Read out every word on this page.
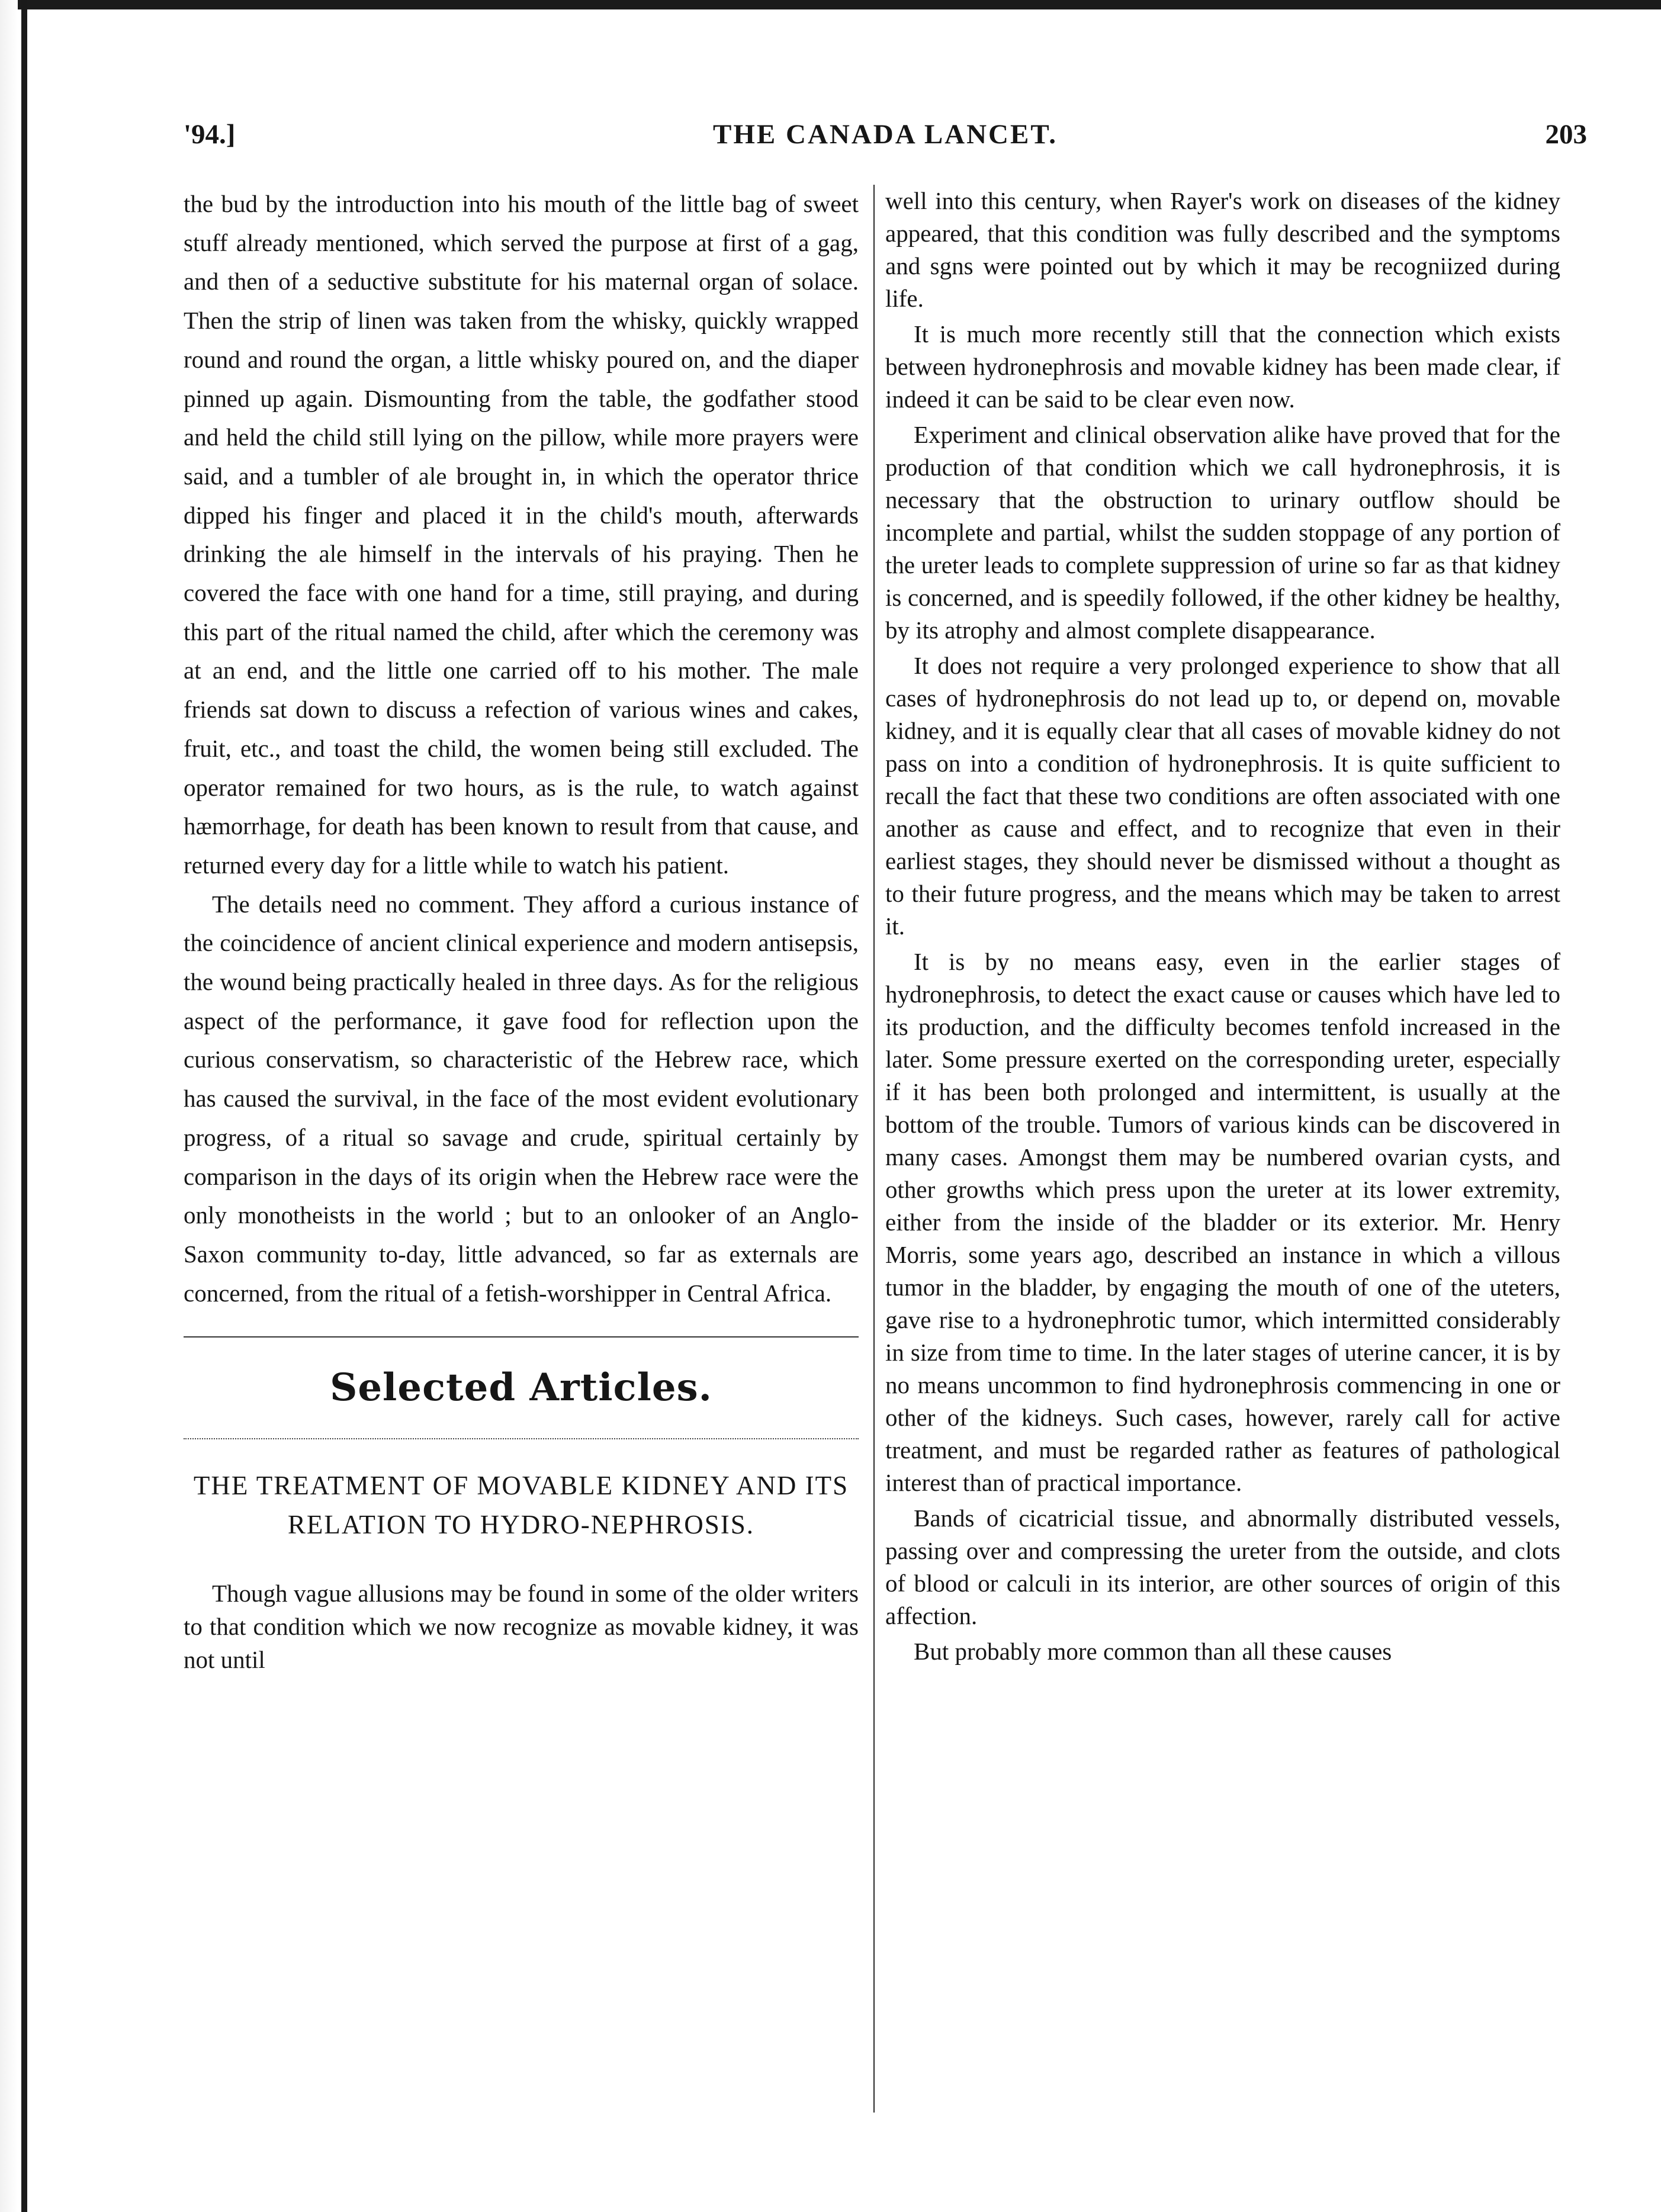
'94.]	THE CANADA LANCET.	203

the bud by the introduction into his mouth of the little bag of sweet stuff already mentioned, which served the purpose at first of a gag, and then of a seductive substitute for his maternal organ of solace. Then the strip of linen was taken from the whisky, quickly wrapped round and round the organ, a little whisky poured on, and the diaper pinned up again. Dismounting from the table, the godfather stood and held the child still lying on the pillow, while more prayers were said, and a tumbler of ale brought in, in which the operator thrice dipped his finger and placed it in the child's mouth, afterwards drinking the ale himself in the intervals of his praying. Then he covered the face with one hand for a time, still praying, and during this part of the ritual named the child, after which the ceremony was at an end, and the little one carried off to his mother. The male friends sat down to discuss a refection of various wines and cakes, fruit, etc., and toast the child, the women being still excluded. The operator remained for two hours, as is the rule, to watch against hæmorrhage, for death has been known to result from that cause, and returned every day for a little while to watch his patient.

The details need no comment. They afford a curious instance of the coincidence of ancient clinical experience and modern antisepsis, the wound being practically healed in three days. As for the religious aspect of the performance, it gave food for reflection upon the curious conservatism, so characteristic of the Hebrew race, which has caused the survival, in the face of the most evident evolutionary progress, of a ritual so savage and crude, spiritual certainly by comparison in the days of its origin when the Hebrew race were the only monotheists in the world ; but to an onlooker of an Anglo-Saxon community to-day, little advanced, so far as externals are concerned, from the ritual of a fetish-worshipper in Central Africa.

Selected Articles.
THE TREATMENT OF MOVABLE KIDNEY AND ITS RELATION TO HYDRO-NEPHROSIS.

Though vague allusions may be found in some of the older writers to that condition which we now recognize as movable kidney, it was not until

well into this century, when Rayer's work on diseases of the kidney appeared, that this condition was fully described and the symptoms and sgns were pointed out by which it may be recogniized during life.

It is much more recently still that the connection which exists between hydronephrosis and movable kidney has been made clear, if indeed it can be said to be clear even now.

Experiment and clinical observation alike have proved that for the production of that condition which we call hydronephrosis, it is necessary that the obstruction to urinary outflow should be incomplete and partial, whilst the sudden stoppage of any portion of the ureter leads to complete suppression of urine so far as that kidney is concerned, and is speedily followed, if the other kidney be healthy, by its atrophy and almost complete disappearance.

It does not require a very prolonged experience to show that all cases of hydronephrosis do not lead up to, or depend on, movable kidney, and it is equally clear that all cases of movable kidney do not pass on into a condition of hydronephrosis. It is quite sufficient to recall the fact that these two conditions are often associated with one another as cause and effect, and to recognize that even in their earliest stages, they should never be dismissed without a thought as to their future progress, and the means which may be taken to arrest it.

It is by no means easy, even in the earlier stages of hydronephrosis, to detect the exact cause or causes which have led to its production, and the difficulty becomes tenfold increased in the later. Some pressure exerted on the corresponding ureter, especially if it has been both prolonged and intermittent, is usually at the bottom of the trouble. Tumors of various kinds can be discovered in many cases. Amongst them may be numbered ovarian cysts, and other growths which press upon the ureter at its lower extremity, either from the inside of the bladder or its exterior. Mr. Henry Morris, some years ago, described an instance in which a villous tumor in the bladder, by engaging the mouth of one of the uteters, gave rise to a hydronephrotic tumor, which intermitted considerably in size from time to time. In the later stages of uterine cancer, it is by no means uncommon to find hydronephrosis commencing in one or other of the kidneys. Such cases, however, rarely call for active treatment, and must be regarded rather as features of pathological interest than of practical importance.

Bands of cicatricial tissue, and abnormally distributed vessels, passing over and compressing the ureter from the outside, and clots of blood or calculi in its interior, are other sources of origin of this affection.

But probably more common than all these causes
